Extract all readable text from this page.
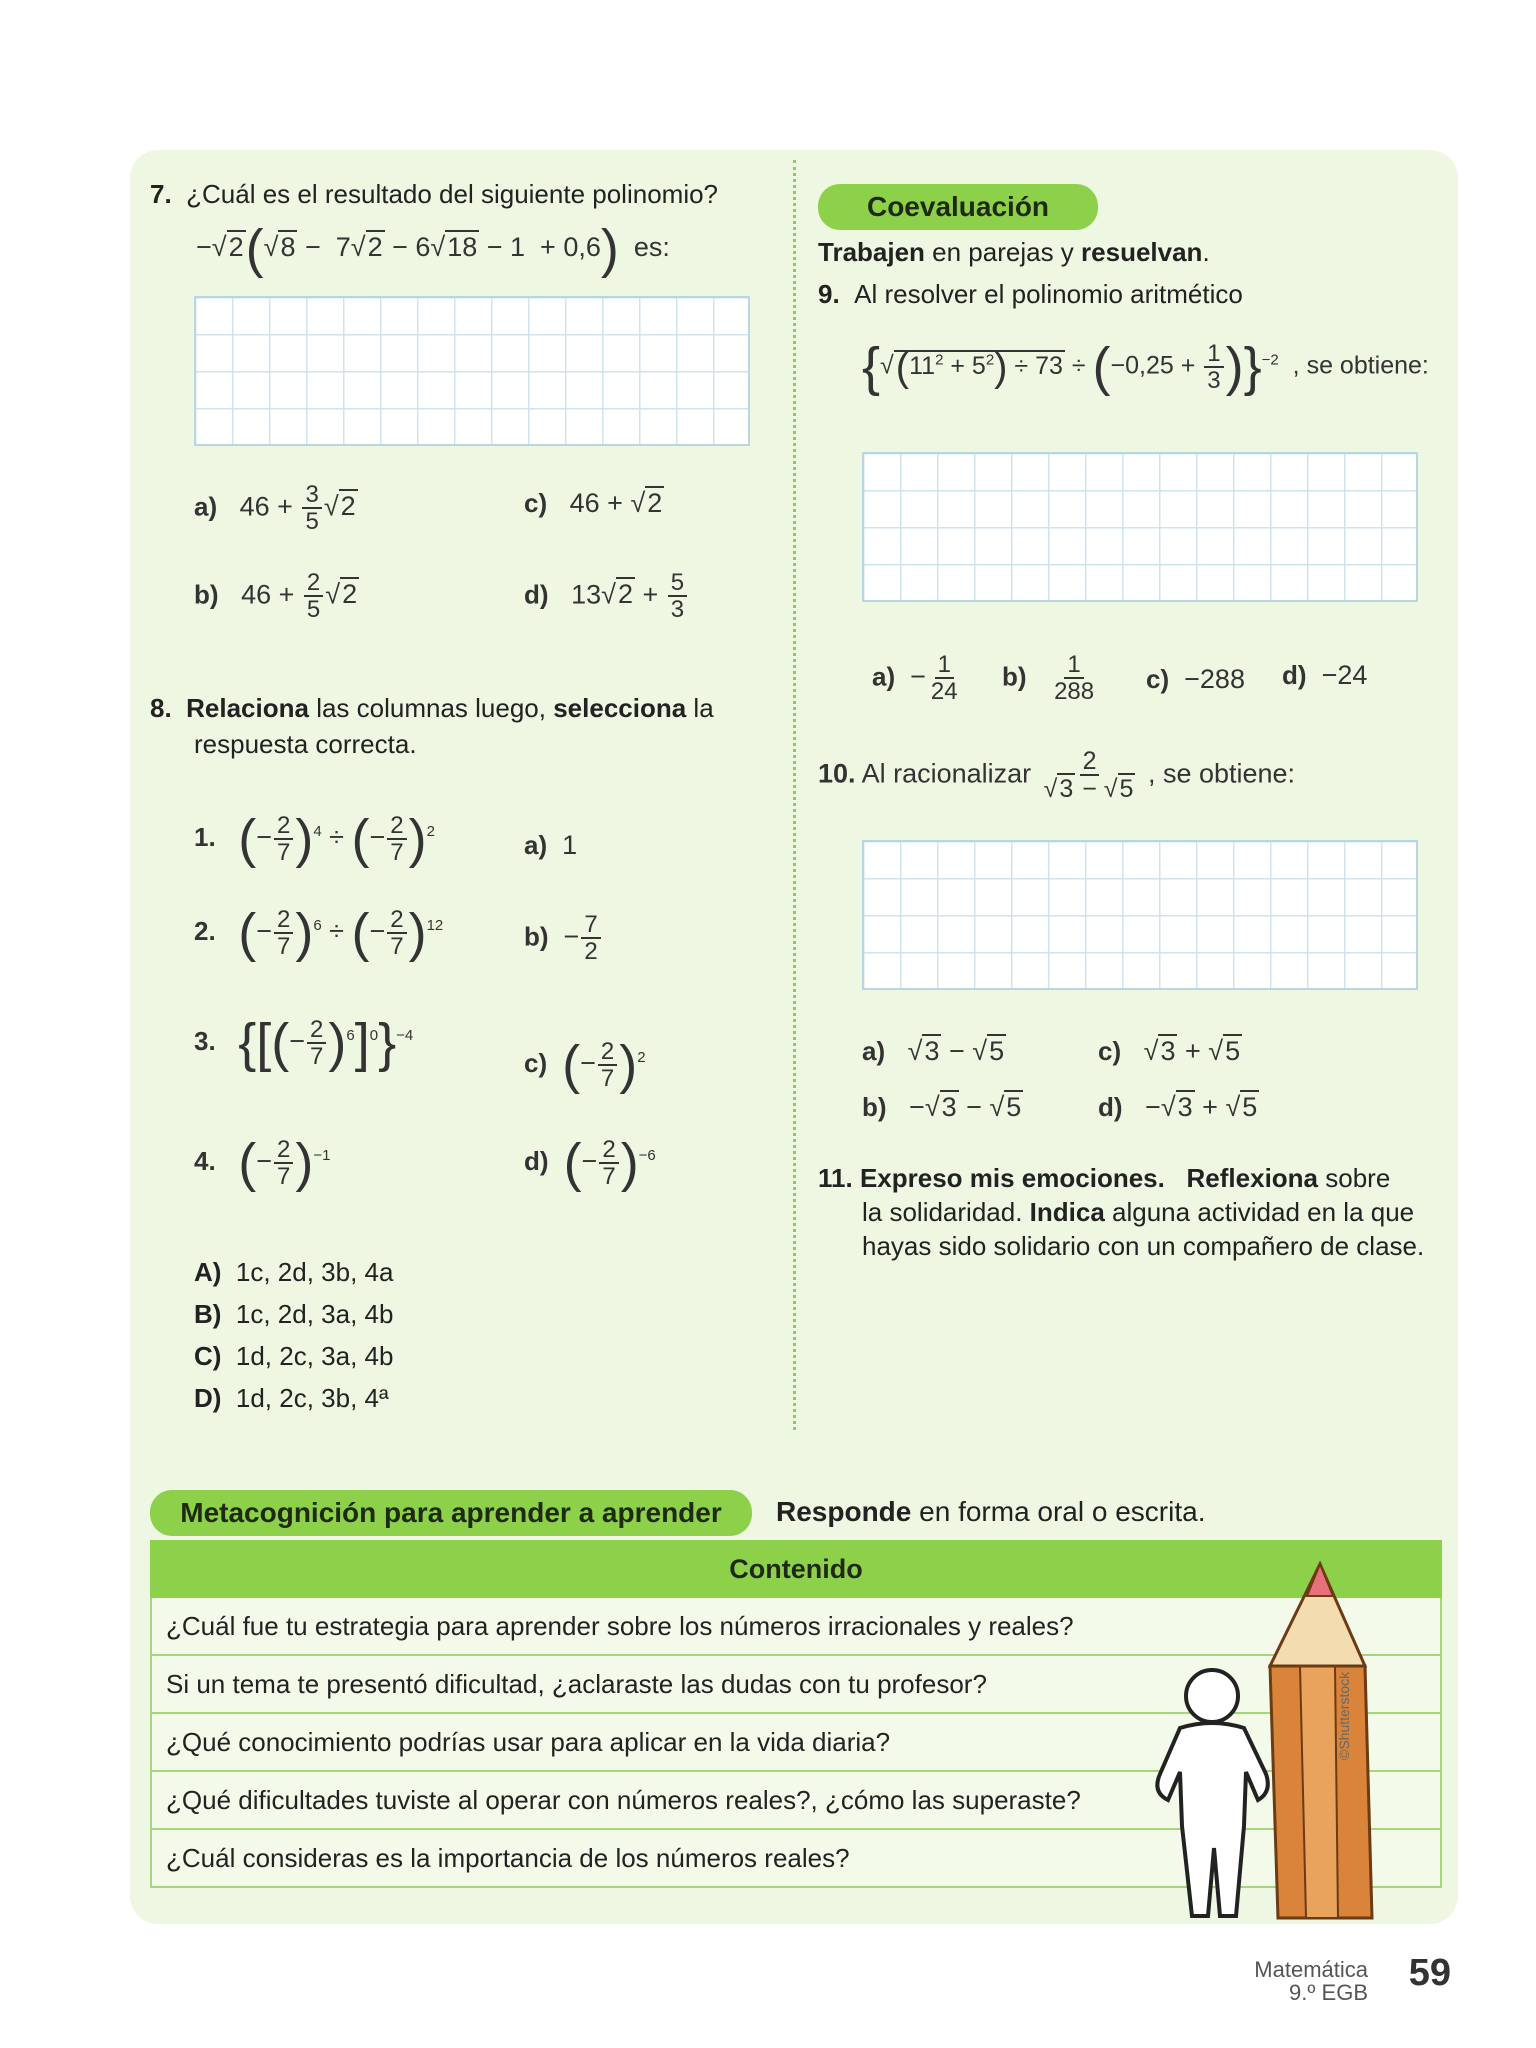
7. ¿Cuál es el resultado del siguiente polinomio?
−√2(√8 −  7√2 − 6√18 − 1  + 0,6) es:
a) $46 + \frac{3}{5} √2$	c) 46 + √2
b) $46 + \frac{2}{5} √2$	d) $13√2 + \frac{5}{3}$
8. Relaciona las columnas luego, selecciona la
respuesta correcta.
1. (− $\frac{2}{7} )^4$ ÷ (− $\frac{2}{7} )^2$	a) 1
2. (− $\frac{2}{7} )^6$ ÷ (− $\frac{2}{7} )^{12}$	$b) - \frac{7}{2}$
3. {[(− $\frac{2}{7} )^6]^0\}^{-4}$
c) (− $\frac{2}{7} )^2$
4. (− $\frac{2}{7} )^{-1}$	d) (− $\frac{2}{7} )^{-6}$
A) 1c, 2d, 3b, 4a
B) 1c, 2d, 3a, 4b
C) 1d, 2c, 3a, 4b
D) 1d, 2c, 3b, 4ª
Coevaluación
Trabajen en parejas y resuelvan.
9. Al resolver el polinomio aritmético
$\{√(11^2 + 5^2) \div 73 \div (-0,25 + \frac{1}{3} )\}^{-2}$ , se obtiene:
$a) - \frac{1}{24} b) \frac{1}{288} c) -288$ d) −24
10. Al racionalizar $\frac{2}{√3 - √5}$ , se obtiene:
a)   √3 − √5	c)   √3 + √5
b)   −√3 − √5	d)   −√3 + √5
11. Expreso mis emociones. Reflexiona sobre
la solidaridad. Indica alguna actividad en la que
hayas sido solidario con un compañero de clase.
Metacognición para aprender a aprender	Responde en forma oral o escrita.
Contenido
¿Cuál fue tu estrategia para aprender sobre los números irracionales y reales?
Si un tema te presentó dificultad, ¿aclaraste las dudas con tu profesor?
¿Qué conocimiento podrías usar para aplicar en la vida diaria?
¿Qué dificultades tuviste al operar con números reales?, ¿cómo las superaste?
¿Cuál consideras es la importancia de los números reales?
©Shutterstock
Matemática
9.º EGB 59
